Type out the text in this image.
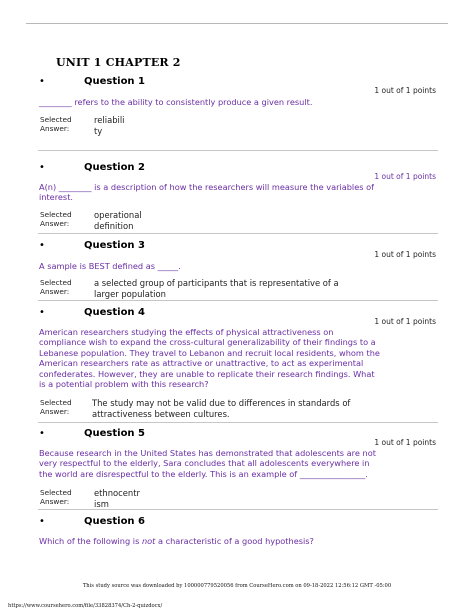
UNIT 1 CHAPTER 2
•	Question 1
1 out of 1 points
________ refers to the ability to consistently produce a given result.
Selected
Answer:
reliabili
ty
•	Question 2
1 out of 1 points
A(n) ________ is a description of how the researchers will measure the variables of
interest.
Selected
Answer:
operational
definition
•	Question 3
1 out of 1 points
A sample is BEST defined as _____.
Selected
Answer:
a selected group of participants that is representative of a
larger population
•	Question 4
1 out of 1 points
American researchers studying the effects of physical attractiveness on
compliance wish to expand the cross-cultural generalizability of their findings to a
Lebanese population. They travel to Lebanon and recruit local residents, whom the
American researchers rate as attractive or unattractive, to act as experimental
confederates. However, they are unable to replicate their research findings. What
is a potential problem with this research?
Selected
Answer:
The study may not be valid due to differences in standards of
attractiveness between cultures.
•	Question 5
1 out of 1 points
Because research in the United States has demonstrated that adolescents are not
very respectful to the elderly, Sara concludes that all adolescents everywhere in
the world are disrespectful to the elderly. This is an example of ________________.
Selected
Answer:
ethnocentr
ism
•	Question 6
Which of the following is not a characteristic of a good hypothesis?
This study source was downloaded by 100000779520056 from CourseHero.com on 09-18-2022 12:56:12 GMT -05:00
https://www.coursehero.com/file/33828374/Ch-2-quizdocx/
